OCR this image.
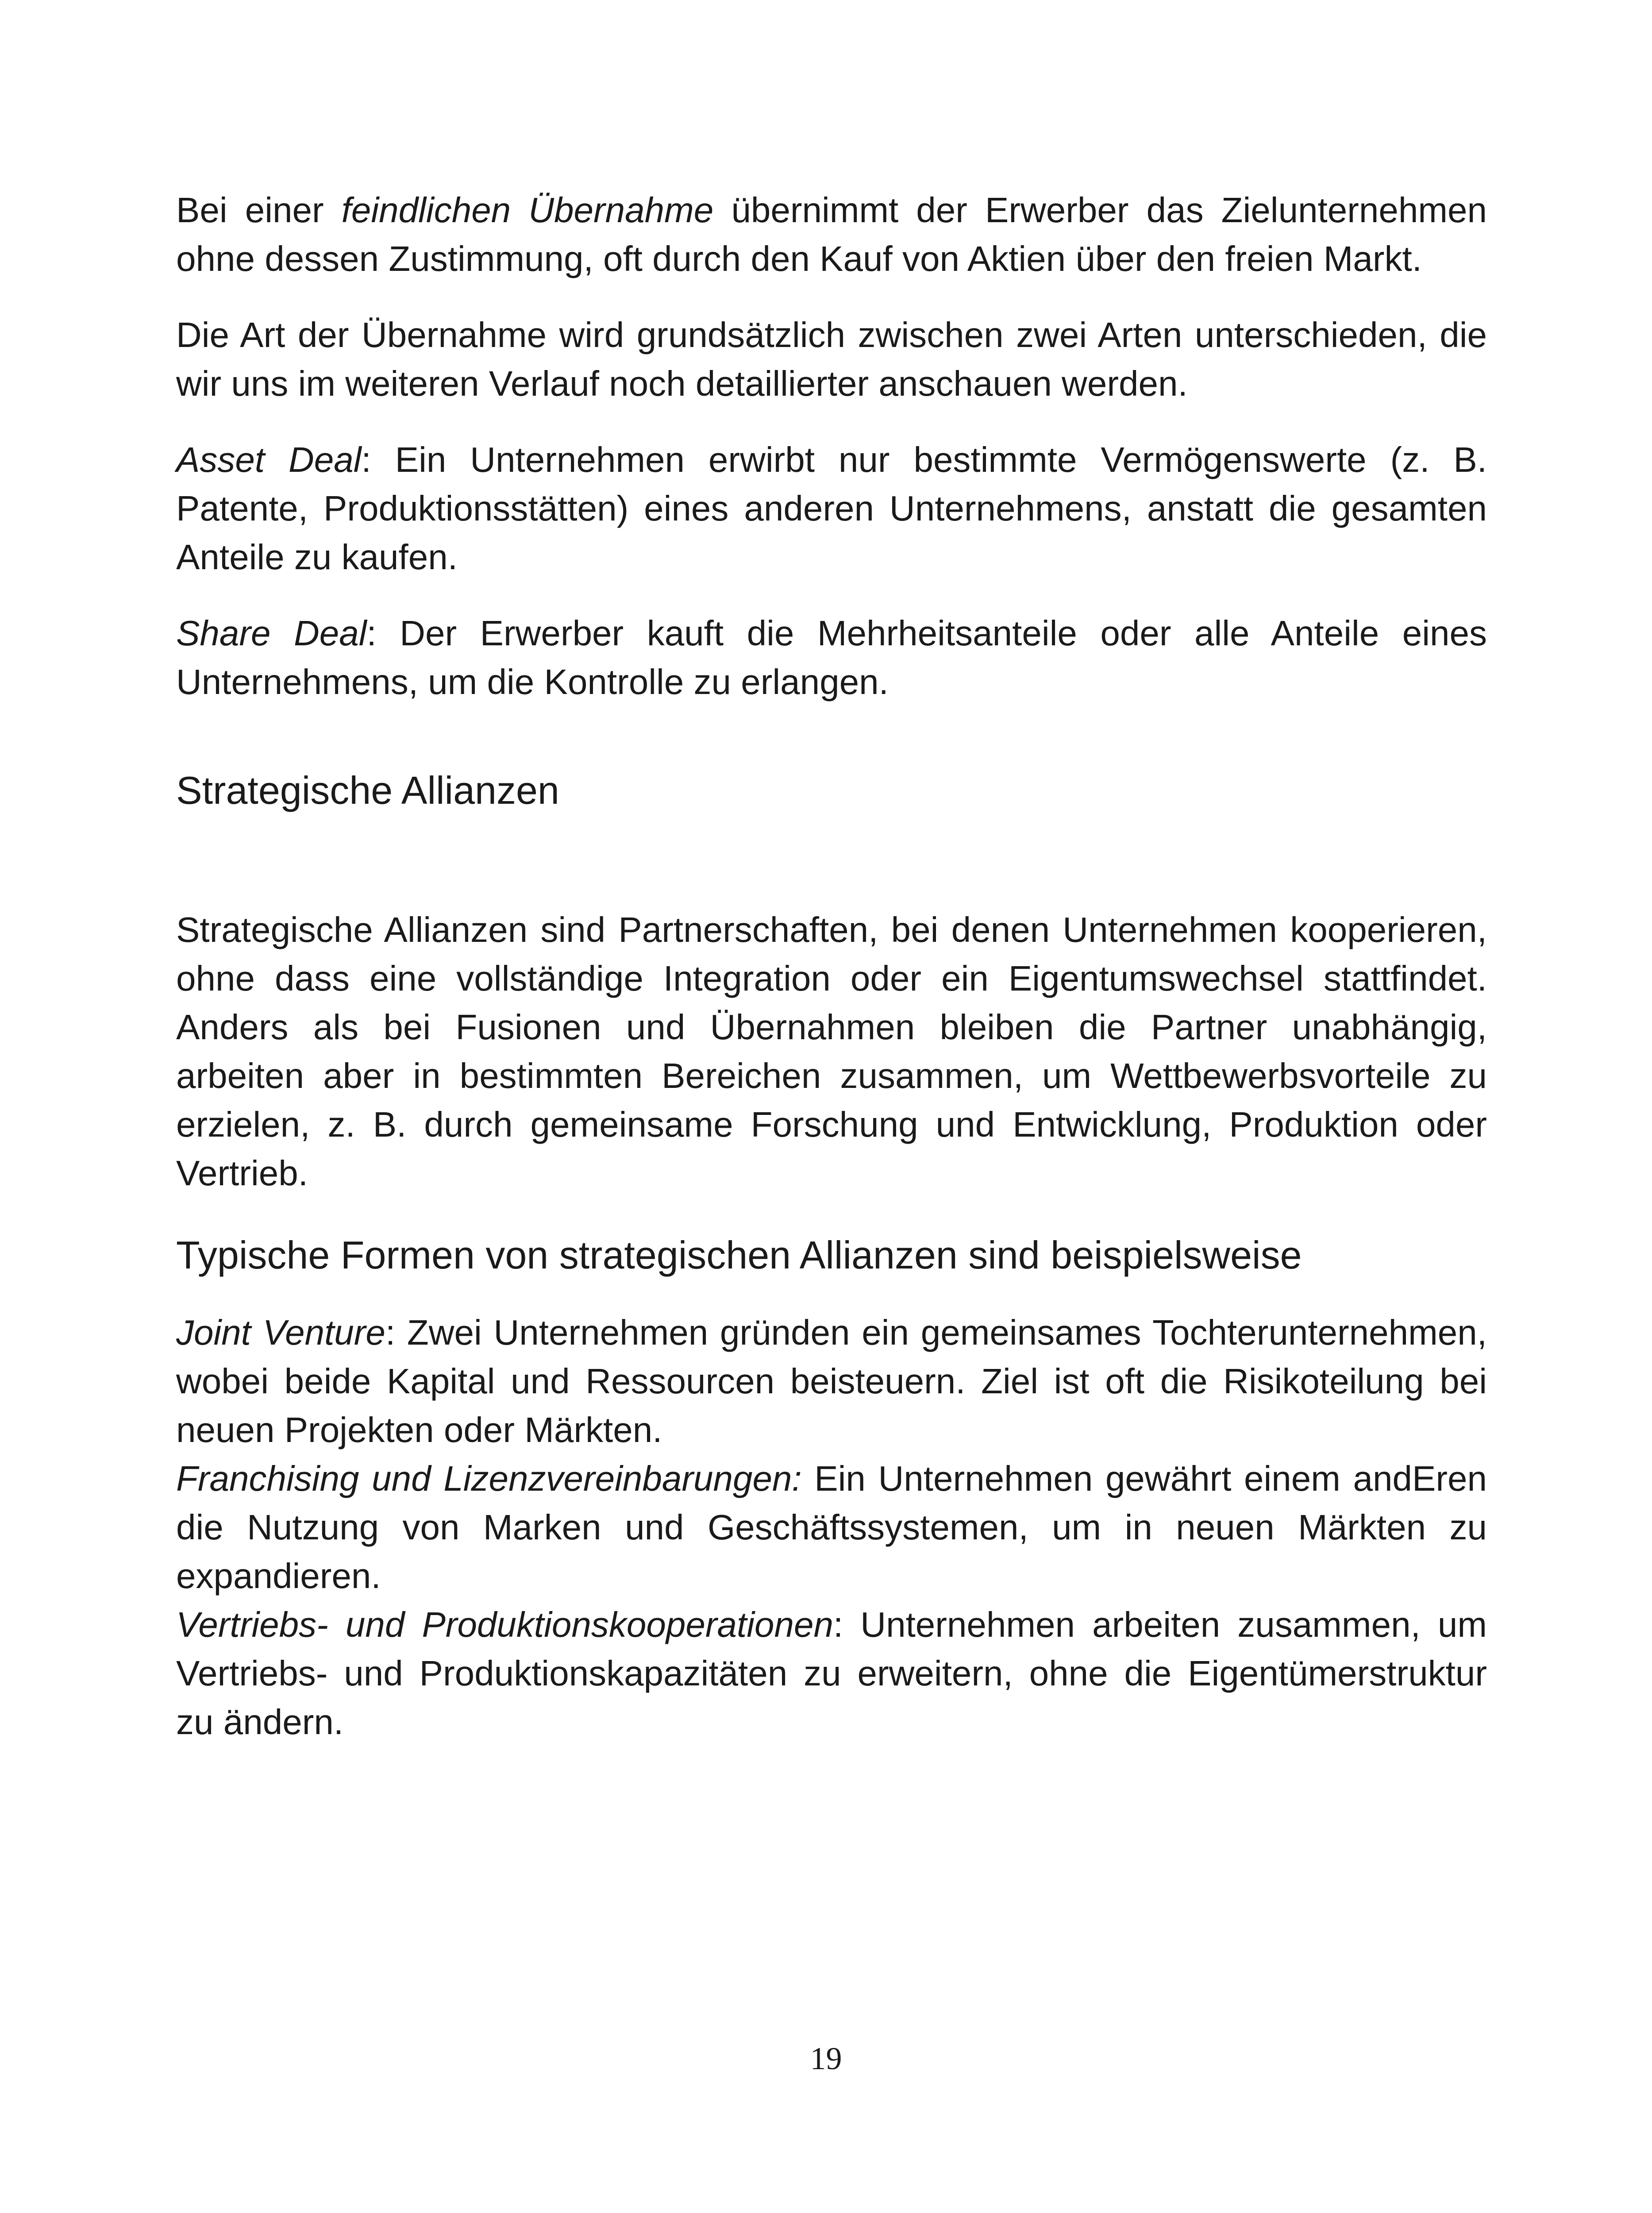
Bei einer feindlichen Übernahme übernimmt der Erwerber das Zielunternehmen ohne dessen Zustimmung, oft durch den Kauf von Aktien über den freien Markt.

Die Art der Übernahme wird grundsätzlich zwischen zwei Arten unterschieden, die wir uns im weiteren Verlauf noch detaillierter anschauen werden.

Asset Deal: Ein Unternehmen erwirbt nur bestimmte Vermögenswerte (z. B. Patente, Produktionsstätten) eines anderen Unternehmens, anstatt die gesamten Anteile zu kaufen.

Share Deal: Der Erwerber kauft die Mehrheitsanteile oder alle Anteile eines Unternehmens, um die Kontrolle zu erlangen.

Strategische Allianzen

Strategische Allianzen sind Partnerschaften, bei denen Unternehmen kooperieren, ohne dass eine vollständige Integration oder ein Eigentumswechsel stattfindet. Anders als bei Fusionen und Übernahmen bleiben die Partner unabhängig, arbeiten aber in bestimmten Bereichen zusammen, um Wettbewerbsvorteile zu erzielen, z. B. durch gemeinsame Forschung und Entwicklung, Produktion oder Vertrieb.

Typische Formen von strategischen Allianzen sind beispielsweise

Joint Venture: Zwei Unternehmen gründen ein gemeinsames Tochterunternehmen, wobei beide Kapital und Ressourcen beisteuern. Ziel ist oft die Risikoteilung bei neuen Projekten oder Märkten.

Franchising und Lizenzvereinbarungen: Ein Unternehmen gewährt einem andEren die Nutzung von Marken und Geschäftssystemen, um in neuen Märkten zu expandieren.

Vertriebs- und Produktionskooperationen: Unternehmen arbeiten zusammen, um Vertriebs- und Produktionskapazitäten zu erweitern, ohne die Eigentümerstruktur zu ändern.

19
